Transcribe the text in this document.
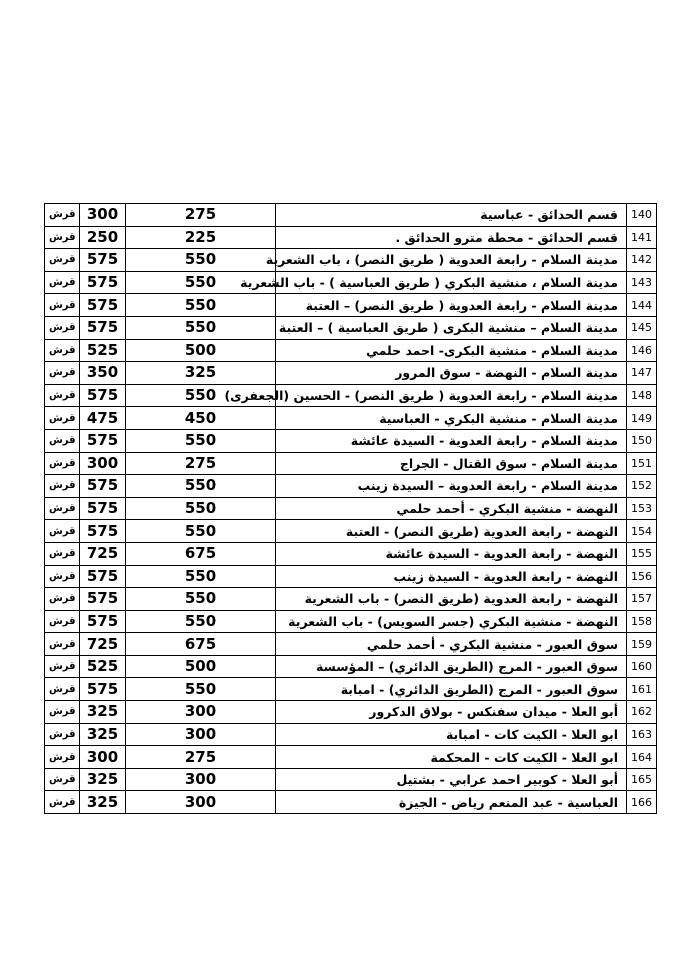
قرش	300	275	قسم الحدائق - عباسية	140
قرش	250	225	قسم الحدائق - محطة مترو الحدائق .	141
قرش	575	550	مدينة السلام - رابعة العدوية ( طريق النصر) ، باب الشعرية	142
قرش	575	550	مدينة السلام ، منشية البكري ( طريق العباسية ) - باب الشعرية	143
قرش	575	550	مدينة السلام - رابعة العدوية ( طريق النصر) – العتبة	144
قرش	575	550	مدينة السلام – منشية البكرى ( طريق العباسية ) – العتبة	145
قرش	525	500	مدينة السلام - منشية البكرى- احمد حلمي	146
قرش	350	325	مدينة السلام - النهضة - سوق المرور	147
قرش	575	550	مدينة السلام - رابعة العدوية ( طريق النصر) - الحسين (الجعفرى)	148
قرش	475	450	مدينة السلام - منشية البكري - العباسية	149
قرش	575	550	مدينة السلام - رابعة العدوية - السيدة عائشة	150
قرش	300	275	مدينة السلام - سوق القتال - الجراج	151
قرش	575	550	مدينة السلام - رابعة العدوية – السيدة زينب	152
قرش	575	550	النهضة - منشية البكري - أحمد حلمي	153
قرش	575	550	النهضة - رابعة العدوية (طريق النصر) - العتبة	154
قرش	725	675	النهضة - رابعة العدوية - السيدة عائشة	155
قرش	575	550	النهضة - رابعة العدوية - السيدة زينب	156
قرش	575	550	النهضة - رابعة العدوية (طريق النصر) - باب الشعرية	157
قرش	575	550	النهضة - منشية البكري (جسر السويس) - باب الشعرية	158
قرش	725	675	سوق العبور - منشية البكري - أحمد حلمي	159
قرش	525	500	سوق العبور - المرج (الطريق الدائري) – المؤسسة	160
قرش	575	550	سوق العبور - المرج (الطريق الدائري) - امبابة	161
قرش	325	300	أبو العلا - ميدان سفنكس - بولاق الدكرور	162
قرش	325	300	ابو العلا - الكيت كات - امبابة	163
قرش	300	275	ابو العلا - الكيت كات - المحكمة	164
قرش	325	300	أبو العلا - كوبير احمد عرابي - بشتيل	165
قرش	325	300	العباسية - عبد المنعم رياض - الجيزة	166
